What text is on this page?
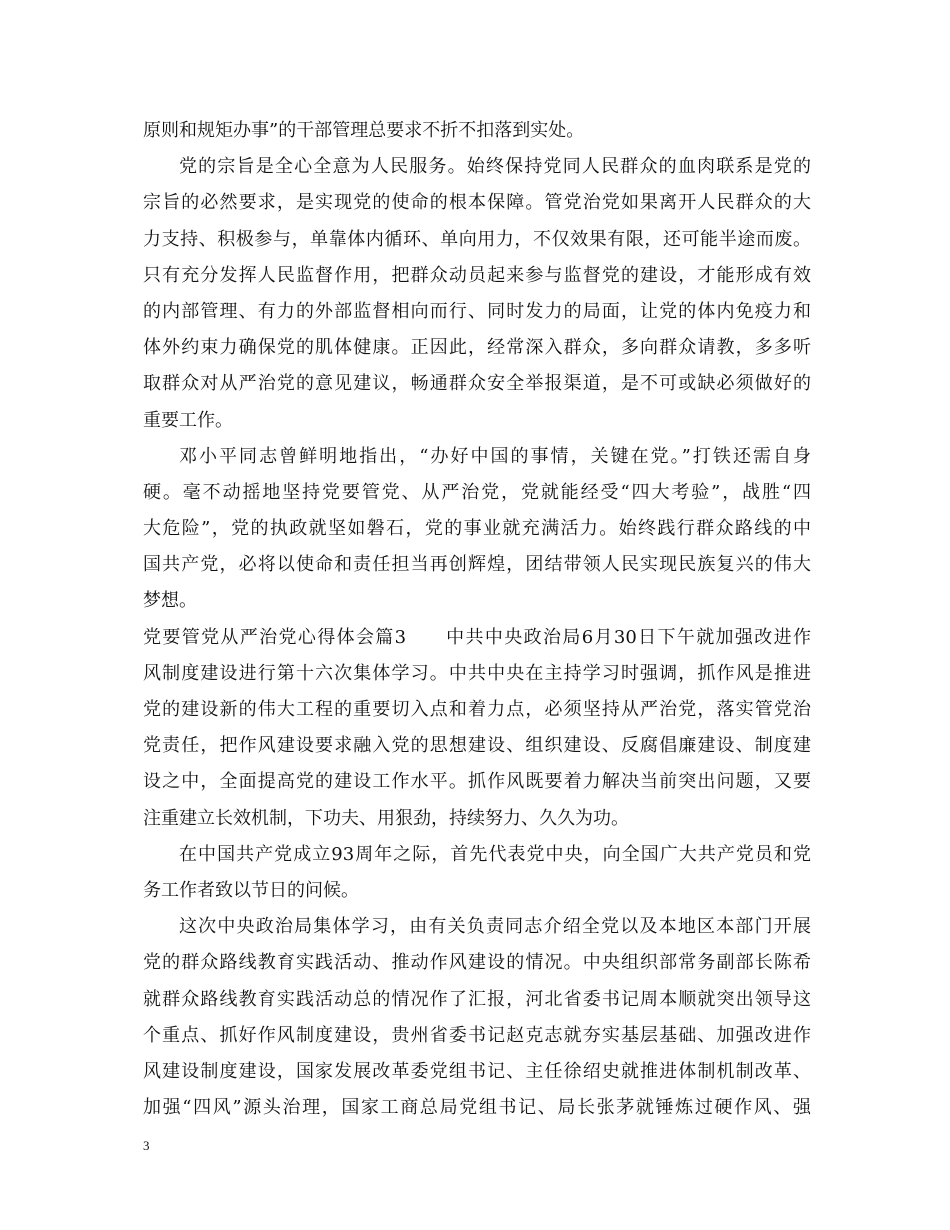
原则和规矩办事”的干部管理总要求不折不扣落到实处。
党的宗旨是全心全意为人民服务。始终保持党同人民群众的血肉联系是党的
宗旨的必然要求，是实现党的使命的根本保障。管党治党如果离开人民群众的大
力支持、积极参与，单靠体内循环、单向用力，不仅效果有限，还可能半途而废。
只有充分发挥人民监督作用，把群众动员起来参与监督党的建设，才能形成有效
的内部管理、有力的外部监督相向而行、同时发力的局面，让党的体内免疫力和
体外约束力确保党的肌体健康。正因此，经常深入群众，多向群众请教，多多听
取群众对从严治党的意见建议，畅通群众安全举报渠道，是不可或缺必须做好的
重要工作。
邓小平同志曾鲜明地指出，“办好中国的事情，关键在党。”打铁还需自身
硬。毫不动摇地坚持党要管党、从严治党，党就能经受“四大考验”，战胜“四
大危险”，党的执政就坚如磐石，党的事业就充满活力。始终践行群众路线的中
国共产党，必将以使命和责任担当再创辉煌，团结带领人民实现民族复兴的伟大
梦想。
党要管党从严治党心得体会篇3　　中共中央政治局6月30日下午就加强改进作
风制度建设进行第十六次集体学习。中共中央在主持学习时强调，抓作风是推进
党的建设新的伟大工程的重要切入点和着力点，必须坚持从严治党，落实管党治
党责任，把作风建设要求融入党的思想建设、组织建设、反腐倡廉建设、制度建
设之中，全面提高党的建设工作水平。抓作风既要着力解决当前突出问题，又要
注重建立长效机制，下功夫、用狠劲，持续努力、久久为功。
在中国共产党成立93周年之际，首先代表党中央，向全国广大共产党员和党
务工作者致以节日的问候。
这次中央政治局集体学习，由有关负责同志介绍全党以及本地区本部门开展
党的群众路线教育实践活动、推动作风建设的情况。中央组织部常务副部长陈希
就群众路线教育实践活动总的情况作了汇报，河北省委书记周本顺就突出领导这
个重点、抓好作风制度建设，贵州省委书记赵克志就夯实基层基础、加强改进作
风建设制度建设，国家发展改革委党组书记、主任徐绍史就推进体制机制改革、
加强“四风”源头治理，国家工商总局党组书记、局长张茅就锤炼过硬作风、强
3
